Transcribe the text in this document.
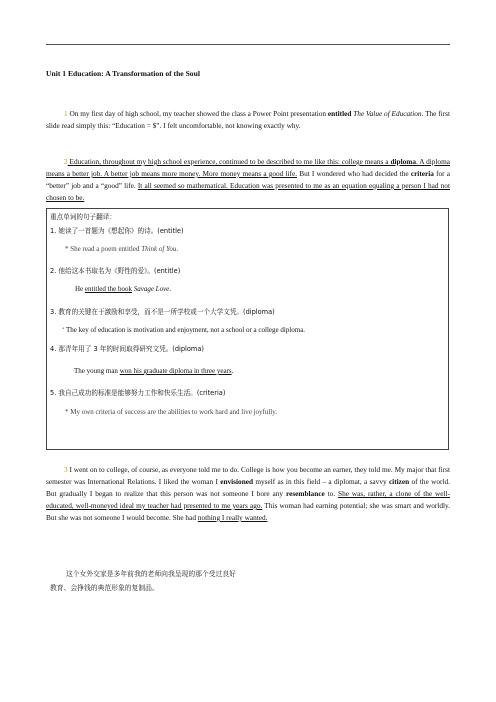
Unit 1 Education: A Transformation of the Soul
1 On my first day of high school, my teacher showed the class a Power Point presentation entitled The Value of Education. The first slide read simply this: “Education = $”. I felt uncomfortable, not knowing exactly why.
2 Education, throughout my high school experience, continued to be described to me like this: college means a diploma. A diploma means a better job. A better job means more money. More money means a good life. But I wondered who had decided the criteria for a “better” job and a “good” life. It all seemed so mathematical. Education was presented to me as an equation equaling a person I had not chosen to be.
重点单词的句子翻译：
1. 她读了一首题为《想起你》的诗。(entitle)
* She read a poem entitled Think of You.
2. 他给这本书取名为《野性的爱》。(entitle)
He entitled the book Savage Love.
3. 教育的关键在于激励和享受，而不是一所学校或一个大学文凭。(diploma)
‘ The key of education is motivation and enjoyment, not a school or a college diploma.
4. 那青年用了 3 年的时间取得研究文凭。(diploma)
The young man won his graduate diploma in three years.
5. 我自己成功的标准是能够努力工作和快乐生活。(criteria)
* My own criteria of success are the abilities to work hard and live joyfully.
3 I went on to college, of course, as everyone told me to do. College is how you become an earner, they told me. My major that first semester was International Relations. I liked the woman I envisioned myself as in this field – a diplomat, a savvy citizen of the world. But gradually I began to realize that this person was not someone I bore any resemblance to. She was, rather, a clone of the well-educated, well-moneyed ideal my teacher had presented to me years ago. This woman had earning potential; she was smart and worldly. But she was not someone I would become. She had nothing I really wanted.
这个女外交家是多年前我的老师向我呈现的那个受过良好
教育、会挣钱的典范形象的复制品。
